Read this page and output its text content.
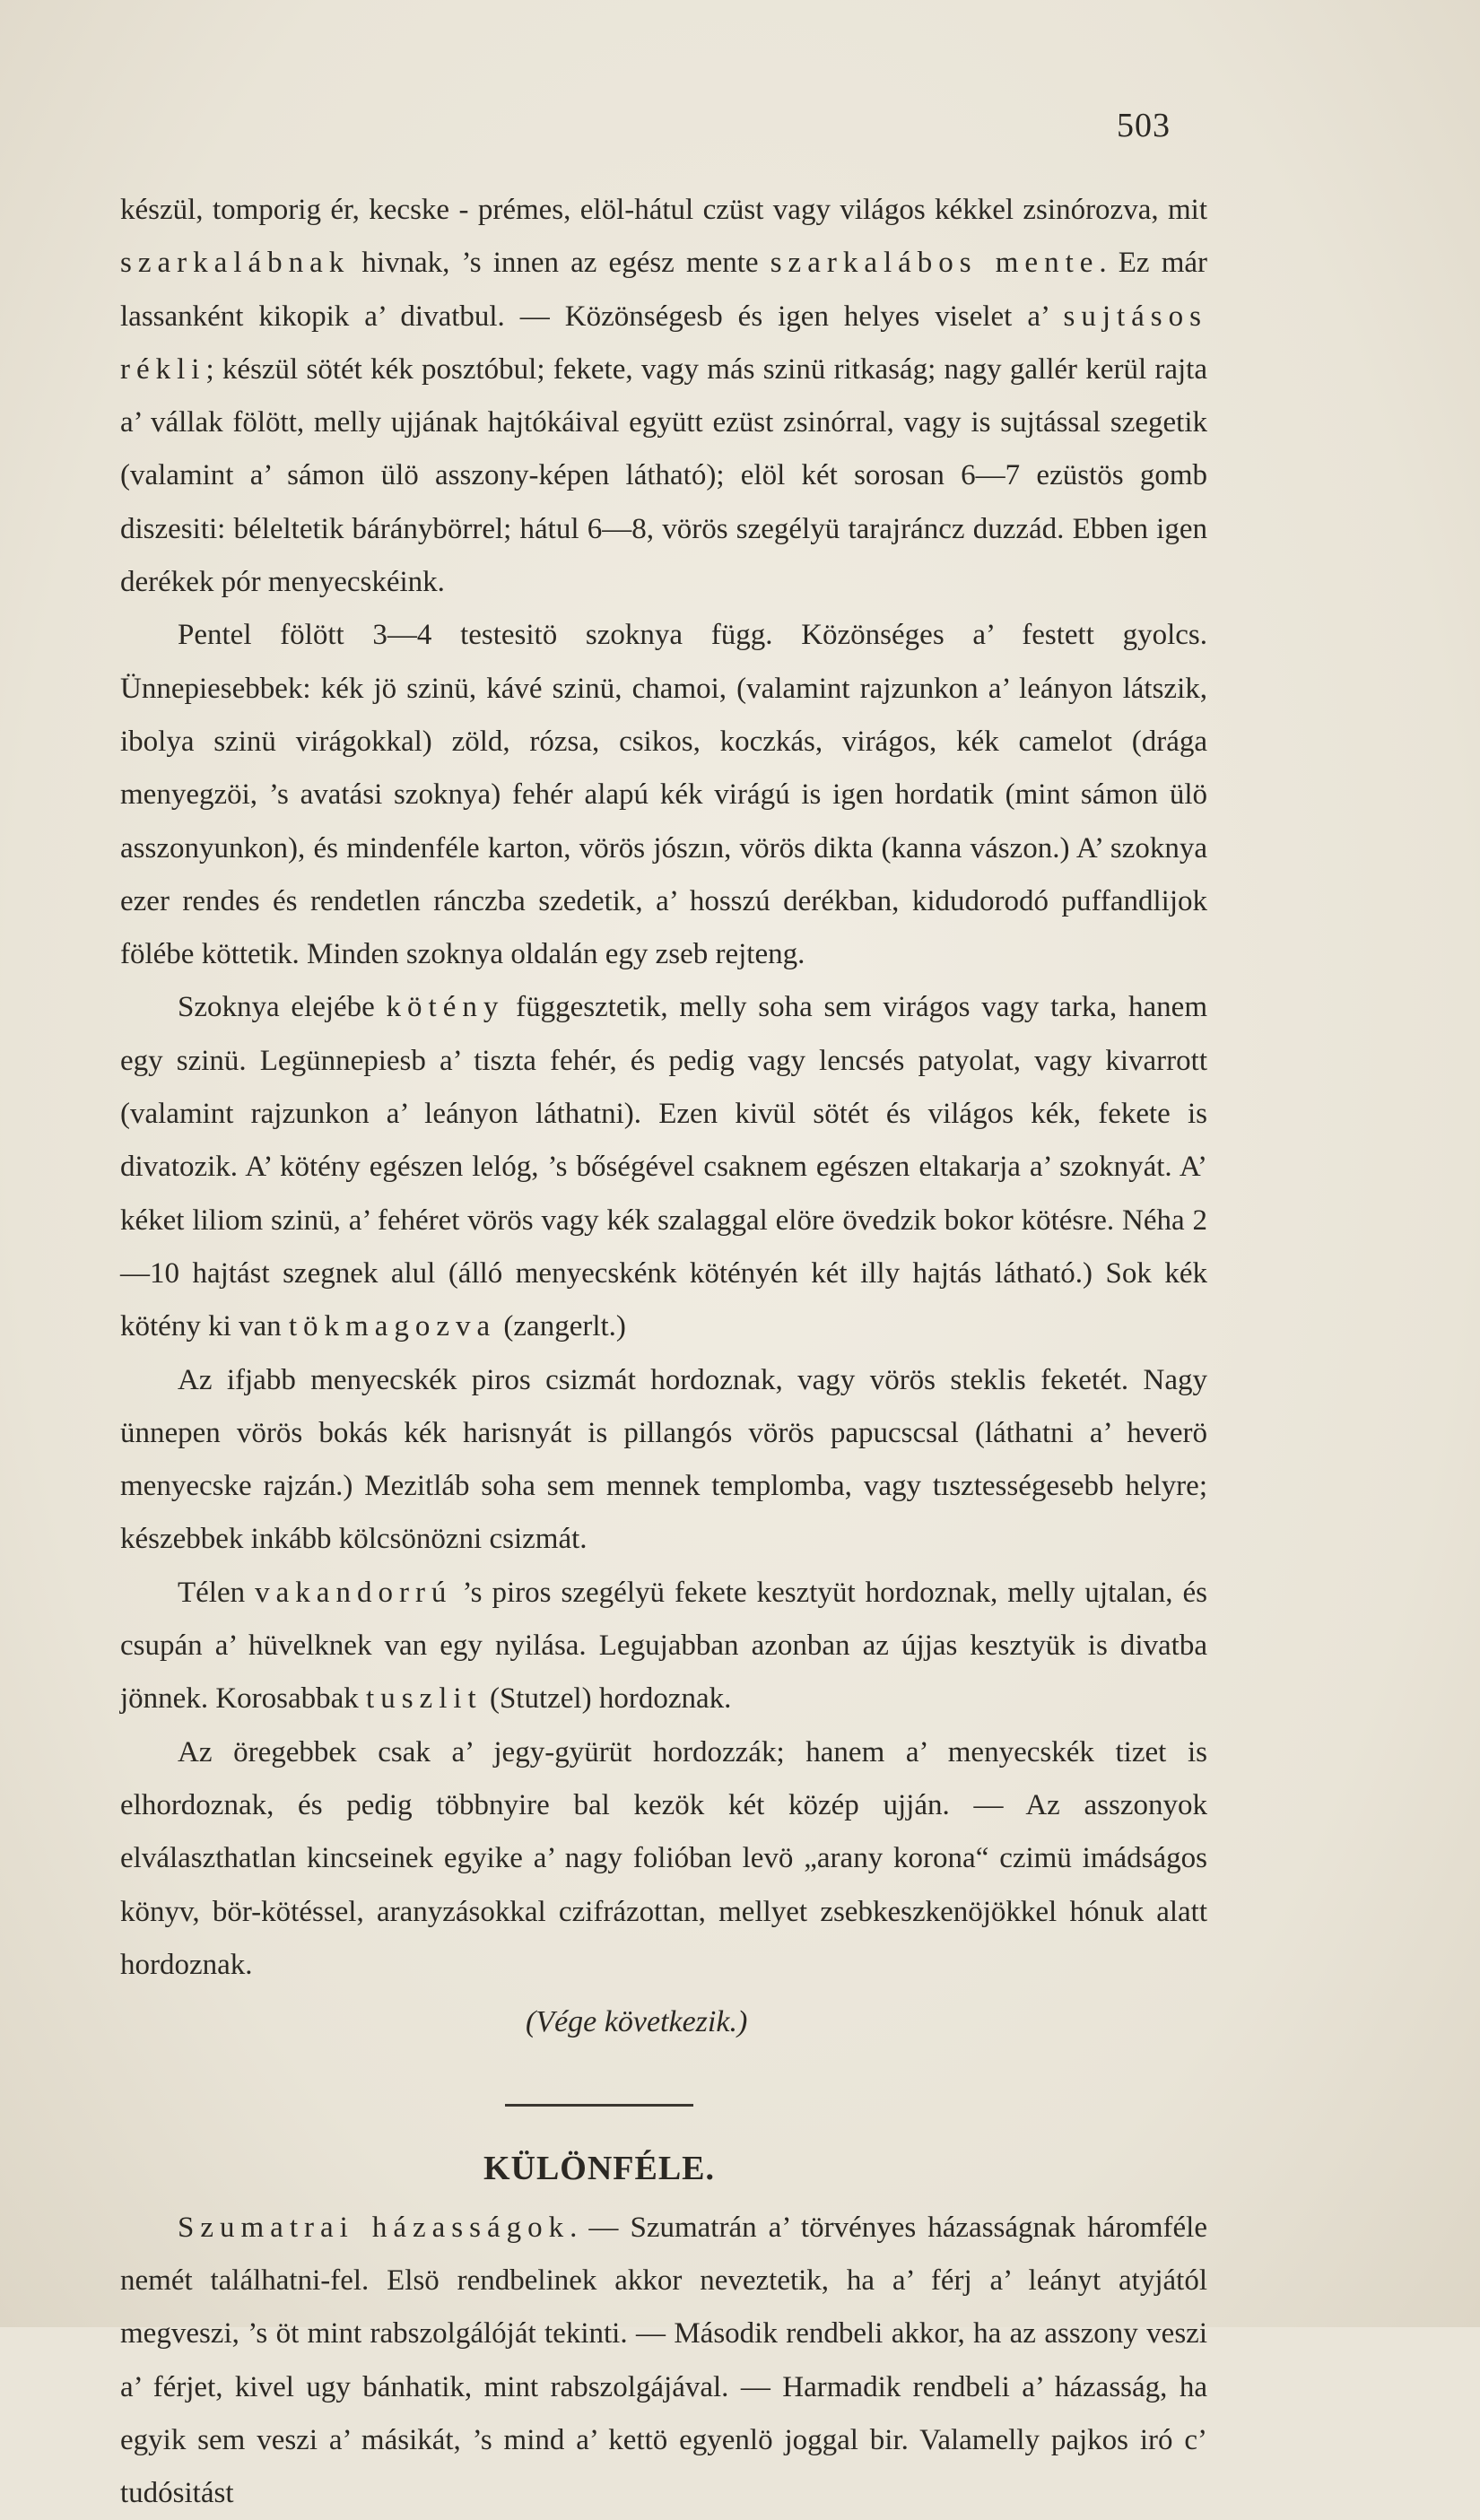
503

készül, tomporig ér, kecske - prémes, elöl-hátul czüst vagy világos kékkel zsinórozva, mit szarkalábnak hivnak, ’s innen az egész mente szarkalábos mente. Ez már lassanként kikopik a’ divatbul. — Közönségesb és igen helyes viselet a’ sujtásos rékli; készül sötét kék posztóbul; fekete, vagy más szinü ritkaság; nagy gallér kerül rajta a’ vállak fölött, melly ujjának hajtókáival együtt ezüst zsinórral, vagy is sujtással szegetik (valamint a’ sámon ülö asszony-képen látható); elöl két sorosan 6—7 ezüstös gomb diszesiti: béleltetik báránybörrel; hátul 6—8, vörös szegélyü tarajráncz duzzád. Ebben igen derékek pór menyecskéink.

Pentel fölött 3—4 testesitö szoknya függ. Közönséges a’ festett gyolcs. Ünnepiesebbek: kék jö szinü, kávé szinü, chamoi, (valamint rajzunkon a’ leányon látszik, ibolya szinü virágokkal) zöld, rózsa, csikos, koczkás, virágos, kék camelot (drága menyegzöi, ’s avatási szoknya) fehér alapú kék virágú is igen hordatik (mint sámon ülö asszonyunkon), és mindenféle karton, vörös jószın, vörös dikta (kanna vászon.) A’ szoknya ezer rendes és rendetlen ránczba szedetik, a’ hosszú derékban, kidudorodó puffandlijok fölébe köttetik. Minden szoknya oldalán egy zseb rejteng.

Szoknya elejébe kötény függesztetik, melly soha sem virágos vagy tarka, hanem egy szinü. Legünnepiesb a’ tiszta fehér, és pedig vagy lencsés patyolat, vagy kivarrott (valamint rajzunkon a’ leányon láthatni). Ezen kivül sötét és világos kék, fekete is divatozik. A’ kötény egészen lelóg, ’s bőségével csaknem egészen eltakarja a’ szoknyát. A’ kéket liliom szinü, a’ fehéret vörös vagy kék szalaggal elöre övedzik bokor kötésre. Néha 2—10 hajtást szegnek alul (álló menyecskénk kötényén két illy hajtás látható.) Sok kék kötény ki van tökmagozva (zangerlt.)

Az ifjabb menyecskék piros csizmát hordoznak, vagy vörös steklis feketét. Nagy ünnepen vörös bokás kék harisnyát is pillangós vörös papucscsal (láthatni a’ heverö menyecske rajzán.) Mezitláb soha sem mennek templomba, vagy tısztességesebb helyre; készebbek inkább kölcsönözni csizmát.

Télen vakandorrú ’s piros szegélyü fekete kesztyüt hordoznak, melly ujtalan, és csupán a’ hüvelknek van egy nyilása. Legujabban azonban az újjas kesztyük is divatba jönnek. Korosabbak tuszlit (Stutzel) hordoznak.

Az öregebbek csak a’ jegy-gyürüt hordozzák; hanem a’ menyecskék tizet is elhordoznak, és pedig többnyire bal kezök két közép ujján. — Az asszonyok elválaszthatlan kincseinek egyike a’ nagy folióban levö „arany korona“ czimü imádságos könyv, bör-kötéssel, aranyzásokkal czifrázottan, mellyet zsebkeszkenöjökkel hónuk alatt hordoznak.

(Vége következik.)

KÜLÖNFÉLE.

Szumatrai házasságok. — Szumatrán a’ törvényes házasságnak háromféle nemét találhatni-fel. Elsö rendbelinek akkor neveztetik, ha a’ férj a’ leányt atyjától megveszi, ’s öt mint rabszolgálóját tekinti. — Második rendbeli akkor, ha az asszony veszi a’ férjet, kivel ugy bánhatik, mint rabszolgájával. — Harmadik rendbeli a’ házasság, ha egyik sem veszi a’ másikát, ’s mind a’ kettö egyenlö joggal bir. Valamelly pajkos iró c’ tudósitást
